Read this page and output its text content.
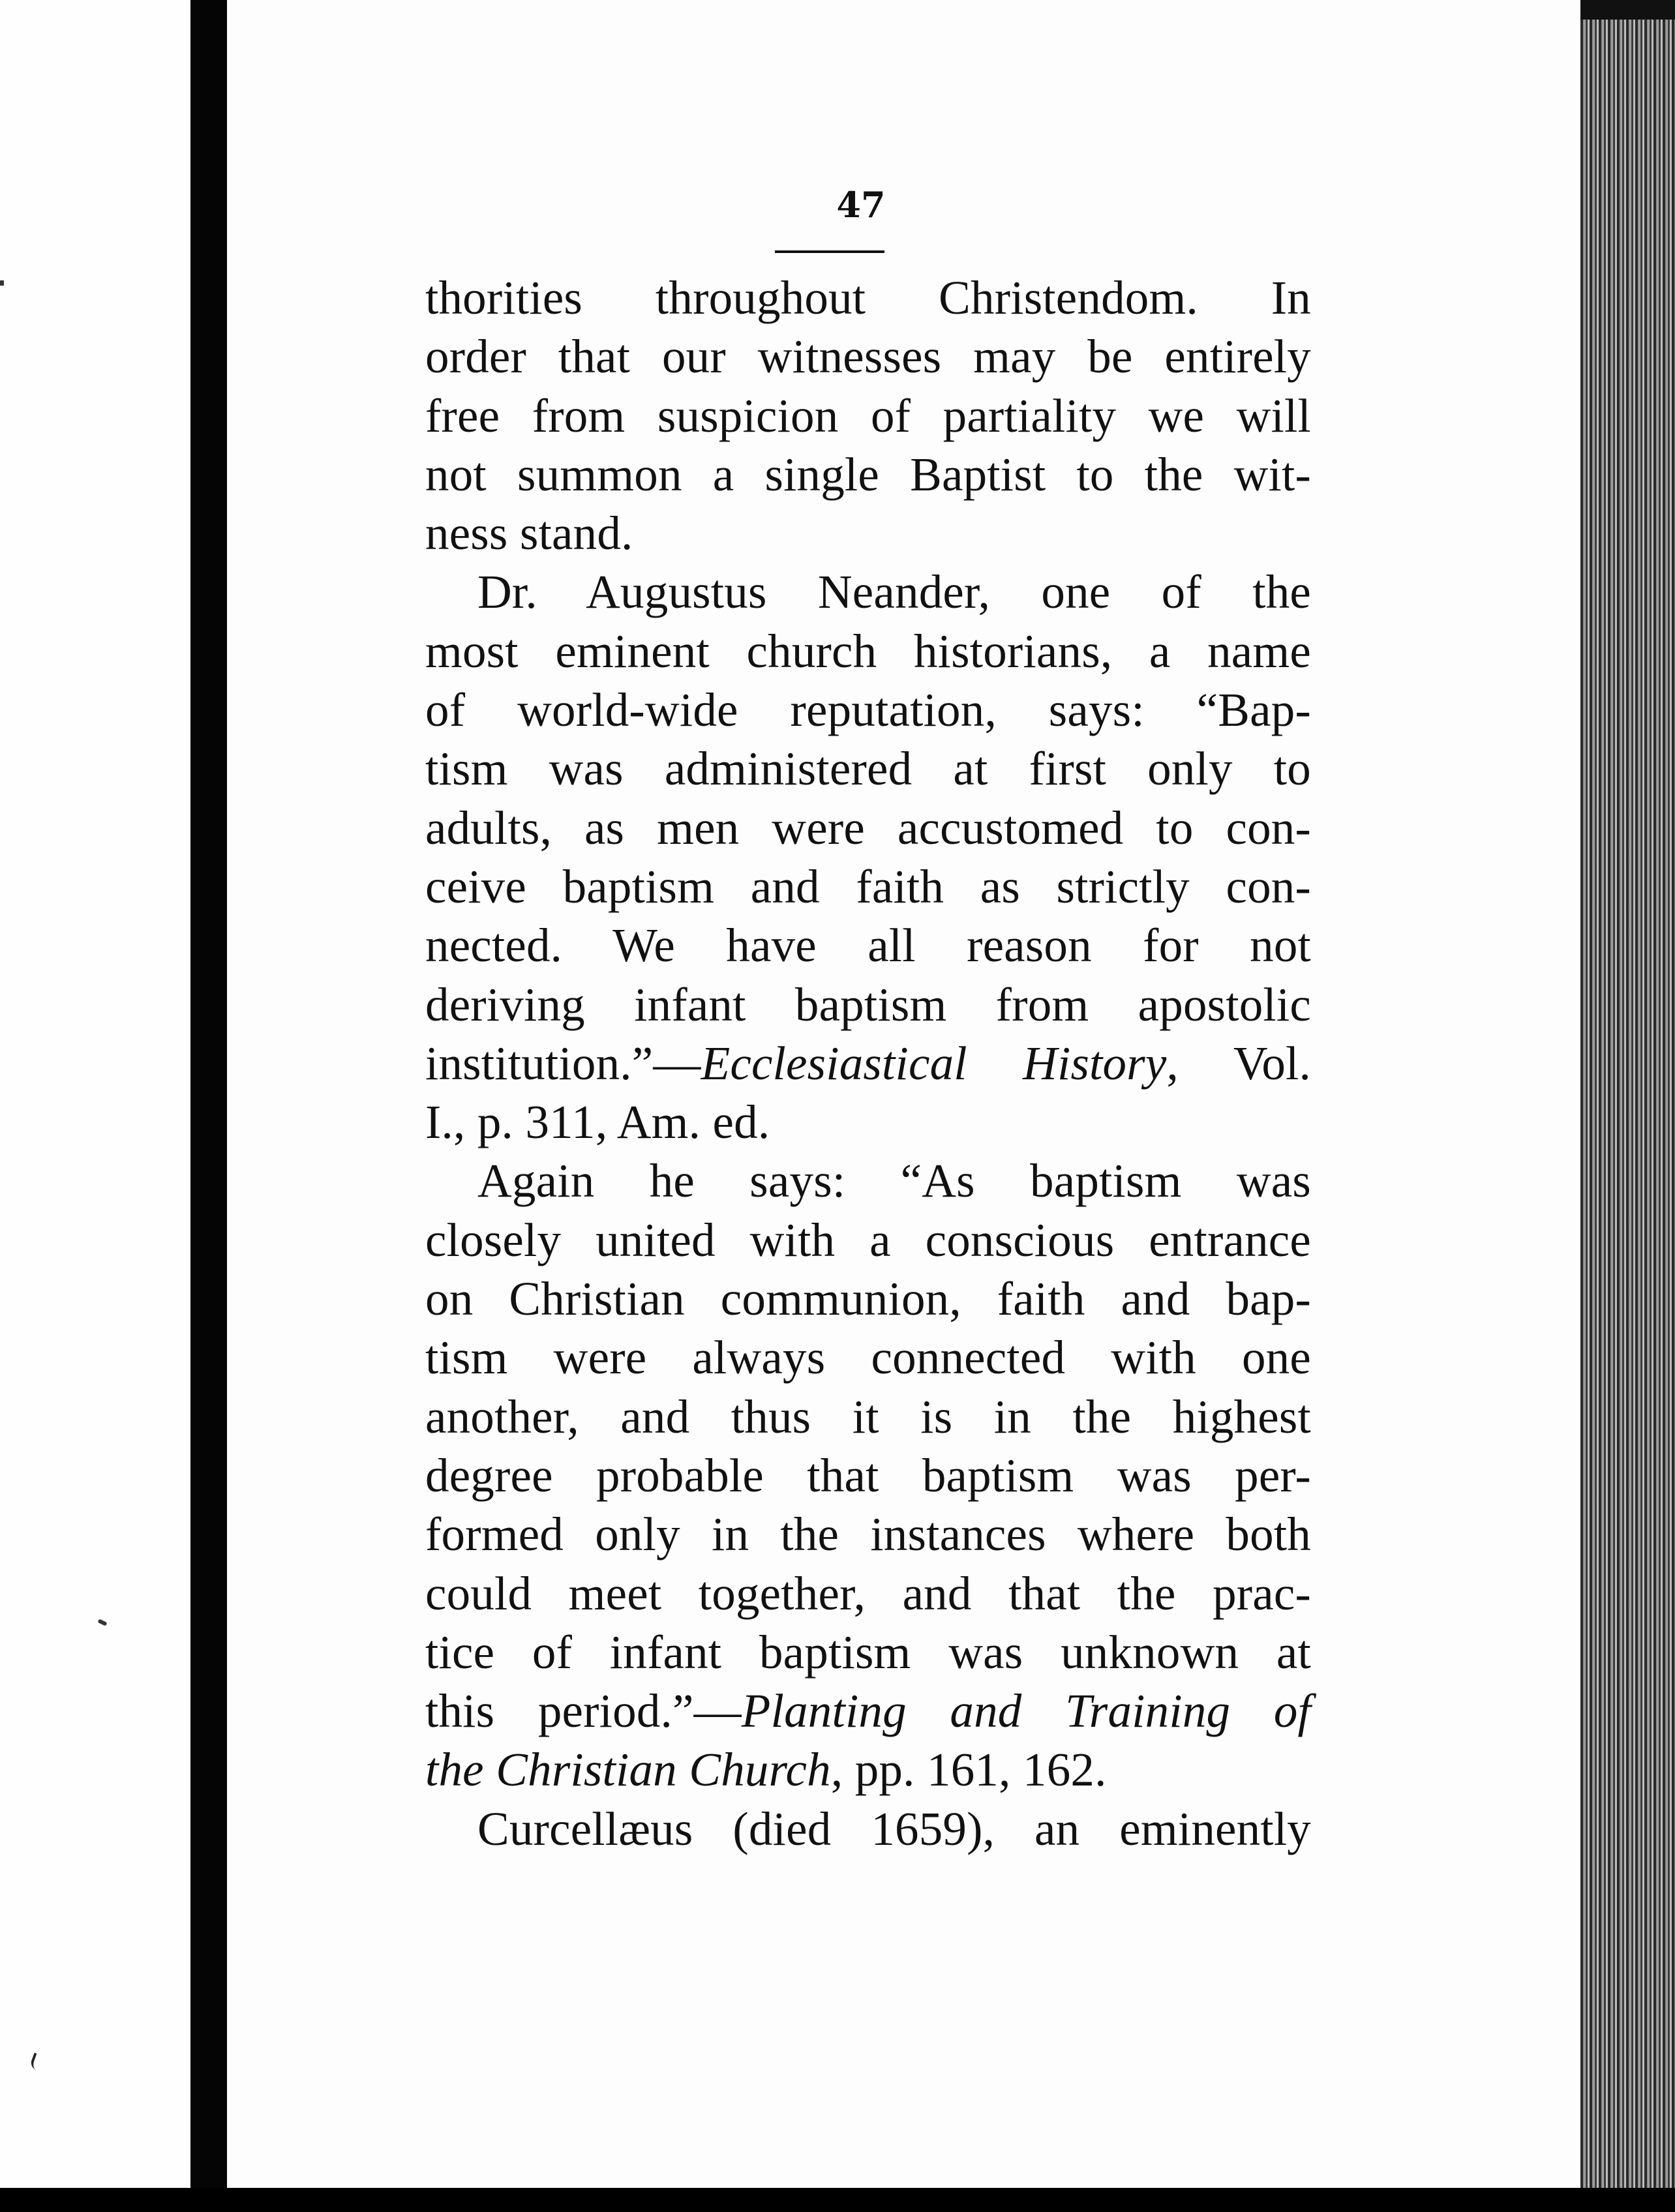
47
thorities throughout Christendom. In
order that our witnesses may be entirely
free from suspicion of partiality we will
not summon a single Baptist to the wit-
ness stand.
Dr. Augustus Neander, one of the
most eminent church historians, a name
of world-wide reputation, says: “Bap-
tism was administered at first only to
adults, as men were accustomed to con-
ceive baptism and faith as strictly con-
nected. We have all reason for not
deriving infant baptism from apostolic
institution.”—Ecclesiastical History, Vol.
I., p. 311, Am. ed.
Again he says: “As baptism was
closely united with a conscious entrance
on Christian communion, faith and bap-
tism were always connected with one
another, and thus it is in the highest
degree probable that baptism was per-
formed only in the instances where both
could meet together, and that the prac-
tice of infant baptism was unknown at
this period.”—Planting and Training of
the Christian Church, pp. 161, 162.
Curcellæus (died 1659), an eminently
